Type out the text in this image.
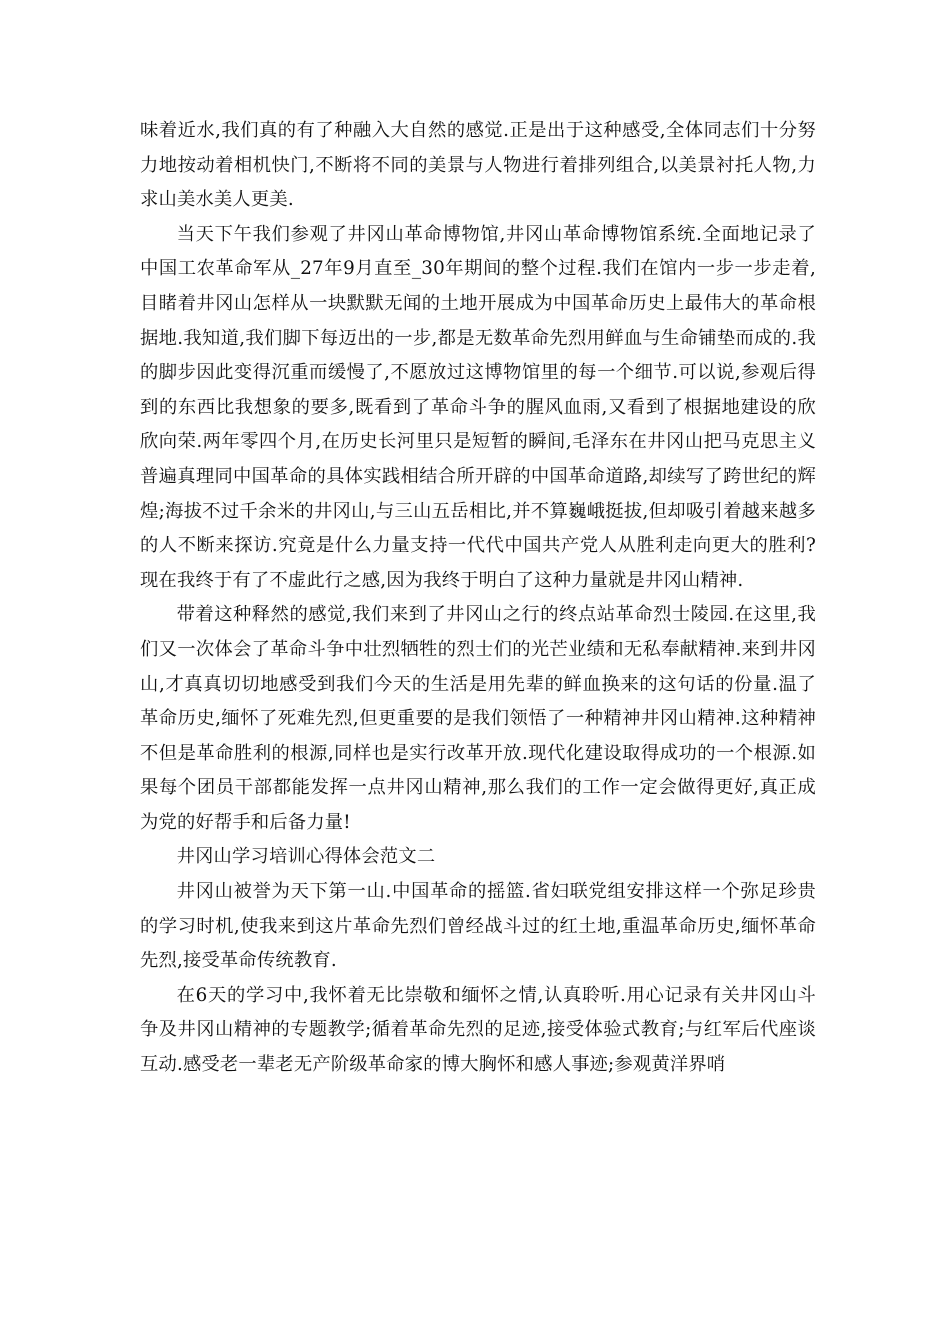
味着近水,我们真的有了种融入大自然的感觉.正是出于这种感受,全体同志们十分努力地按动着相机快门,不断将不同的美景与人物进行着排列组合,以美景衬托人物,力求山美水美人更美.

当天下午我们参观了井冈山革命博物馆,井冈山革命博物馆系统.全面地记录了中国工农革命军从_27年9月直至_30年期间的整个过程.我们在馆内一步一步走着,目睹着井冈山怎样从一块默默无闻的土地开展成为中国革命历史上最伟大的革命根据地.我知道,我们脚下每迈出的一步,都是无数革命先烈用鲜血与生命铺垫而成的.我的脚步因此变得沉重而缓慢了,不愿放过这博物馆里的每一个细节.可以说,参观后得到的东西比我想象的要多,既看到了革命斗争的腥风血雨,又看到了根据地建设的欣欣向荣.两年零四个月,在历史长河里只是短暂的瞬间,毛泽东在井冈山把马克思主义普遍真理同中国革命的具体实践相结合所开辟的中国革命道路,却续写了跨世纪的辉煌;海拔不过千余米的井冈山,与三山五岳相比,并不算巍峨挺拔,但却吸引着越来越多的人不断来探访.究竟是什么力量支持一代代中国共产党人从胜利走向更大的胜利?现在我终于有了不虚此行之感,因为我终于明白了这种力量就是井冈山精神.

带着这种释然的感觉,我们来到了井冈山之行的终点站革命烈士陵园.在这里,我们又一次体会了革命斗争中壮烈牺牲的烈士们的光芒业绩和无私奉献精神.来到井冈山,才真真切切地感受到我们今天的生活是用先辈的鲜血换来的这句话的份量.温了革命历史,缅怀了死难先烈,但更重要的是我们领悟了一种精神井冈山精神.这种精神不但是革命胜利的根源,同样也是实行改革开放.现代化建设取得成功的一个根源.如果每个团员干部都能发挥一点井冈山精神,那么我们的工作一定会做得更好,真正成为党的好帮手和后备力量!

井冈山学习培训心得体会范文二

井冈山被誉为天下第一山.中国革命的摇篮.省妇联党组安排这样一个弥足珍贵的学习时机,使我来到这片革命先烈们曾经战斗过的红土地,重温革命历史,缅怀革命先烈,接受革命传统教育.

在6天的学习中,我怀着无比崇敬和缅怀之情,认真聆听.用心记录有关井冈山斗争及井冈山精神的专题教学;循着革命先烈的足迹,接受体验式教育;与红军后代座谈互动.感受老一辈老无产阶级革命家的博大胸怀和感人事迹;参观黄洋界哨
